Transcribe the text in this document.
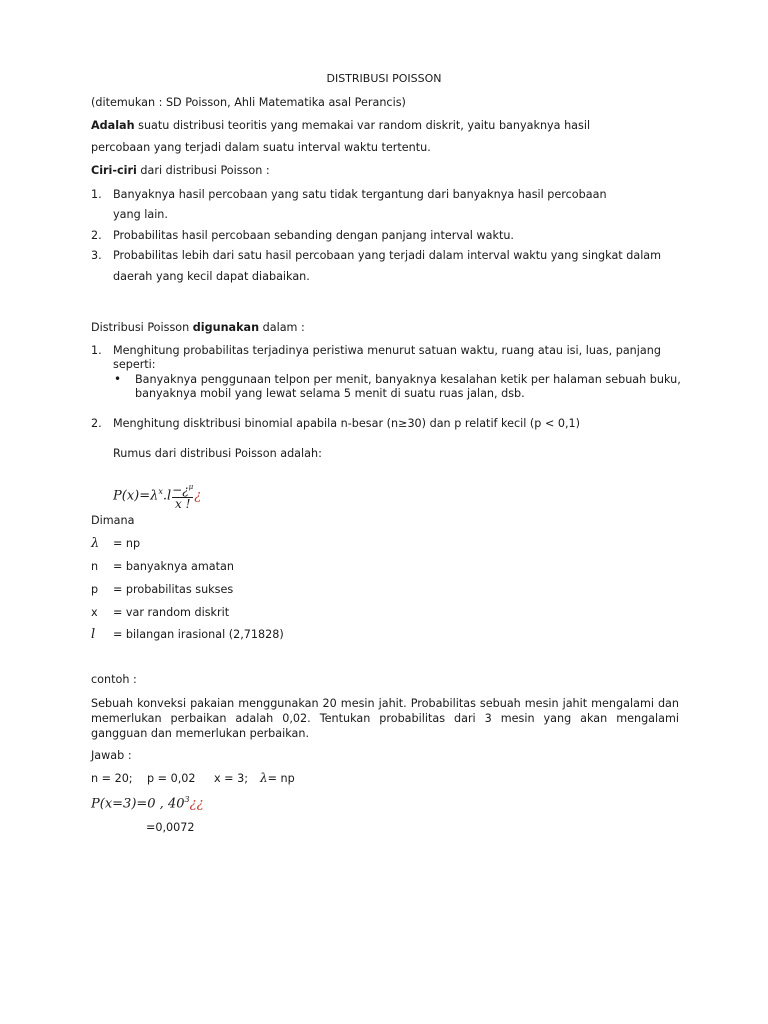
DISTRIBUSI POISSON
(ditemukan : SD Poisson, Ahli Matematika asal Perancis)
Adalah suatu distribusi teoritis yang memakai var random diskrit, yaitu banyaknya hasil
percobaan yang terjadi dalam suatu interval waktu tertentu.
Ciri-ciri dari distribusi Poisson :
1.	Banyaknya hasil percobaan yang satu tidak tergantung dari banyaknya hasil percobaan
yang lain.
2.	Probabilitas hasil percobaan sebanding dengan panjang interval waktu.
3.	Probabilitas lebih dari satu hasil percobaan yang terjadi dalam interval waktu yang singkat dalam
daerah yang kecil dapat diabaikan.
Distribusi Poisson digunakan dalam :
1.	Menghitung probabilitas terjadinya peristiwa menurut satuan waktu, ruang atau isi, luas, panjang
seperti:
• Banyaknya penggunaan telpon per menit, banyaknya kesalahan ketik per halaman sebuah buku,
banyaknya mobil yang lewat selama 5 menit di suatu ruas jalan, dsb.
2.	Menghitung disktribusi binomial apabila n-besar (n≥30) dan p relatif kecil (p < 0,1)
Rumus dari distribusi Poisson adalah:
$P(x)=\lambda^x.l \frac{-¿^\mu}{x !}$ ¿
Dimana
λ = np
n = banyaknya amatan
p = probabilitas sukses
x = var random diskrit
l = bilangan irasional (2,71828)
contoh :
Sebuah konveksi pakaian menggunakan 20 mesin jahit. Probabilitas sebuah mesin jahit mengalami dan memerlukan perbaikan adalah 0,02. Tentukan probabilitas dari 3 mesin yang akan mengalami gangguan dan memerlukan perbaikan.
Jawab :
n = 20; p = 0,02 x = 3; λ= np
P(x=3)=0 , $40^3¿¿$
=0,0072
